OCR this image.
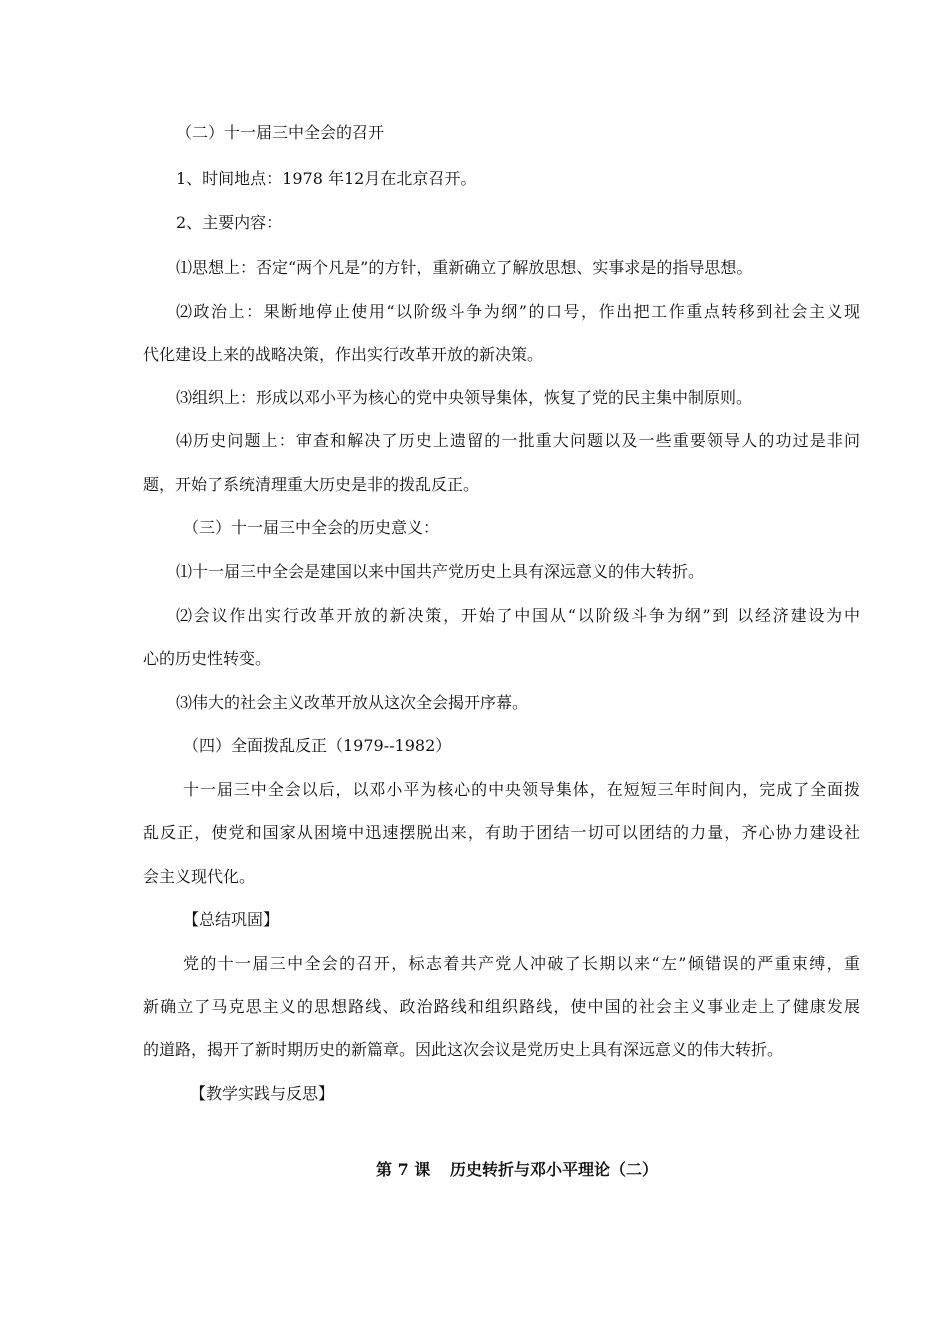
（二）十一届三中全会的召开
1、时间地点：1978 年12月在北京召开。
2、主要内容：
⑴思想上：否定“两个凡是”的方针，重新确立了解放思想、实事求是的指导思想。
⑵政治上：果断地停止使用“以阶级斗争为纲”的口号，作出把工作重点转移到社会主义现
代化建设上来的战略决策，作出实行改革开放的新决策。
⑶组织上：形成以邓小平为核心的党中央领导集体，恢复了党的民主集中制原则。
⑷历史问题上：审查和解决了历史上遗留的一批重大问题以及一些重要领导人的功过是非问
题，开始了系统清理重大历史是非的拨乱反正。
（三）十一届三中全会的历史意义：
⑴十一届三中全会是建国以来中国共产党历史上具有深远意义的伟大转折。
⑵会议作出实行改革开放的新决策，开始了中国从“以阶级斗争为纲”到 以经济建设为中
心的历史性转变。
⑶伟大的社会主义改革开放从这次全会揭开序幕。
（四）全面拨乱反正（1979--1982）
十一届三中全会以后，以邓小平为核心的中央领导集体，在短短三年时间内，完成了全面拨
乱反正，使党和国家从困境中迅速摆脱出来，有助于团结一切可以团结的力量，齐心协力建设社
会主义现代化。
【总结巩固】
党的十一届三中全会的召开，标志着共产党人冲破了长期以来“左”倾错误的严重束缚，重
新确立了马克思主义的思想路线、政治路线和组织路线，使中国的社会主义事业走上了健康发展
的道路，揭开了新时期历史的新篇章。因此这次会议是党历史上具有深远意义的伟大转折。
【教学实践与反思】
第 7 课 历史转折与邓小平理论（二）
